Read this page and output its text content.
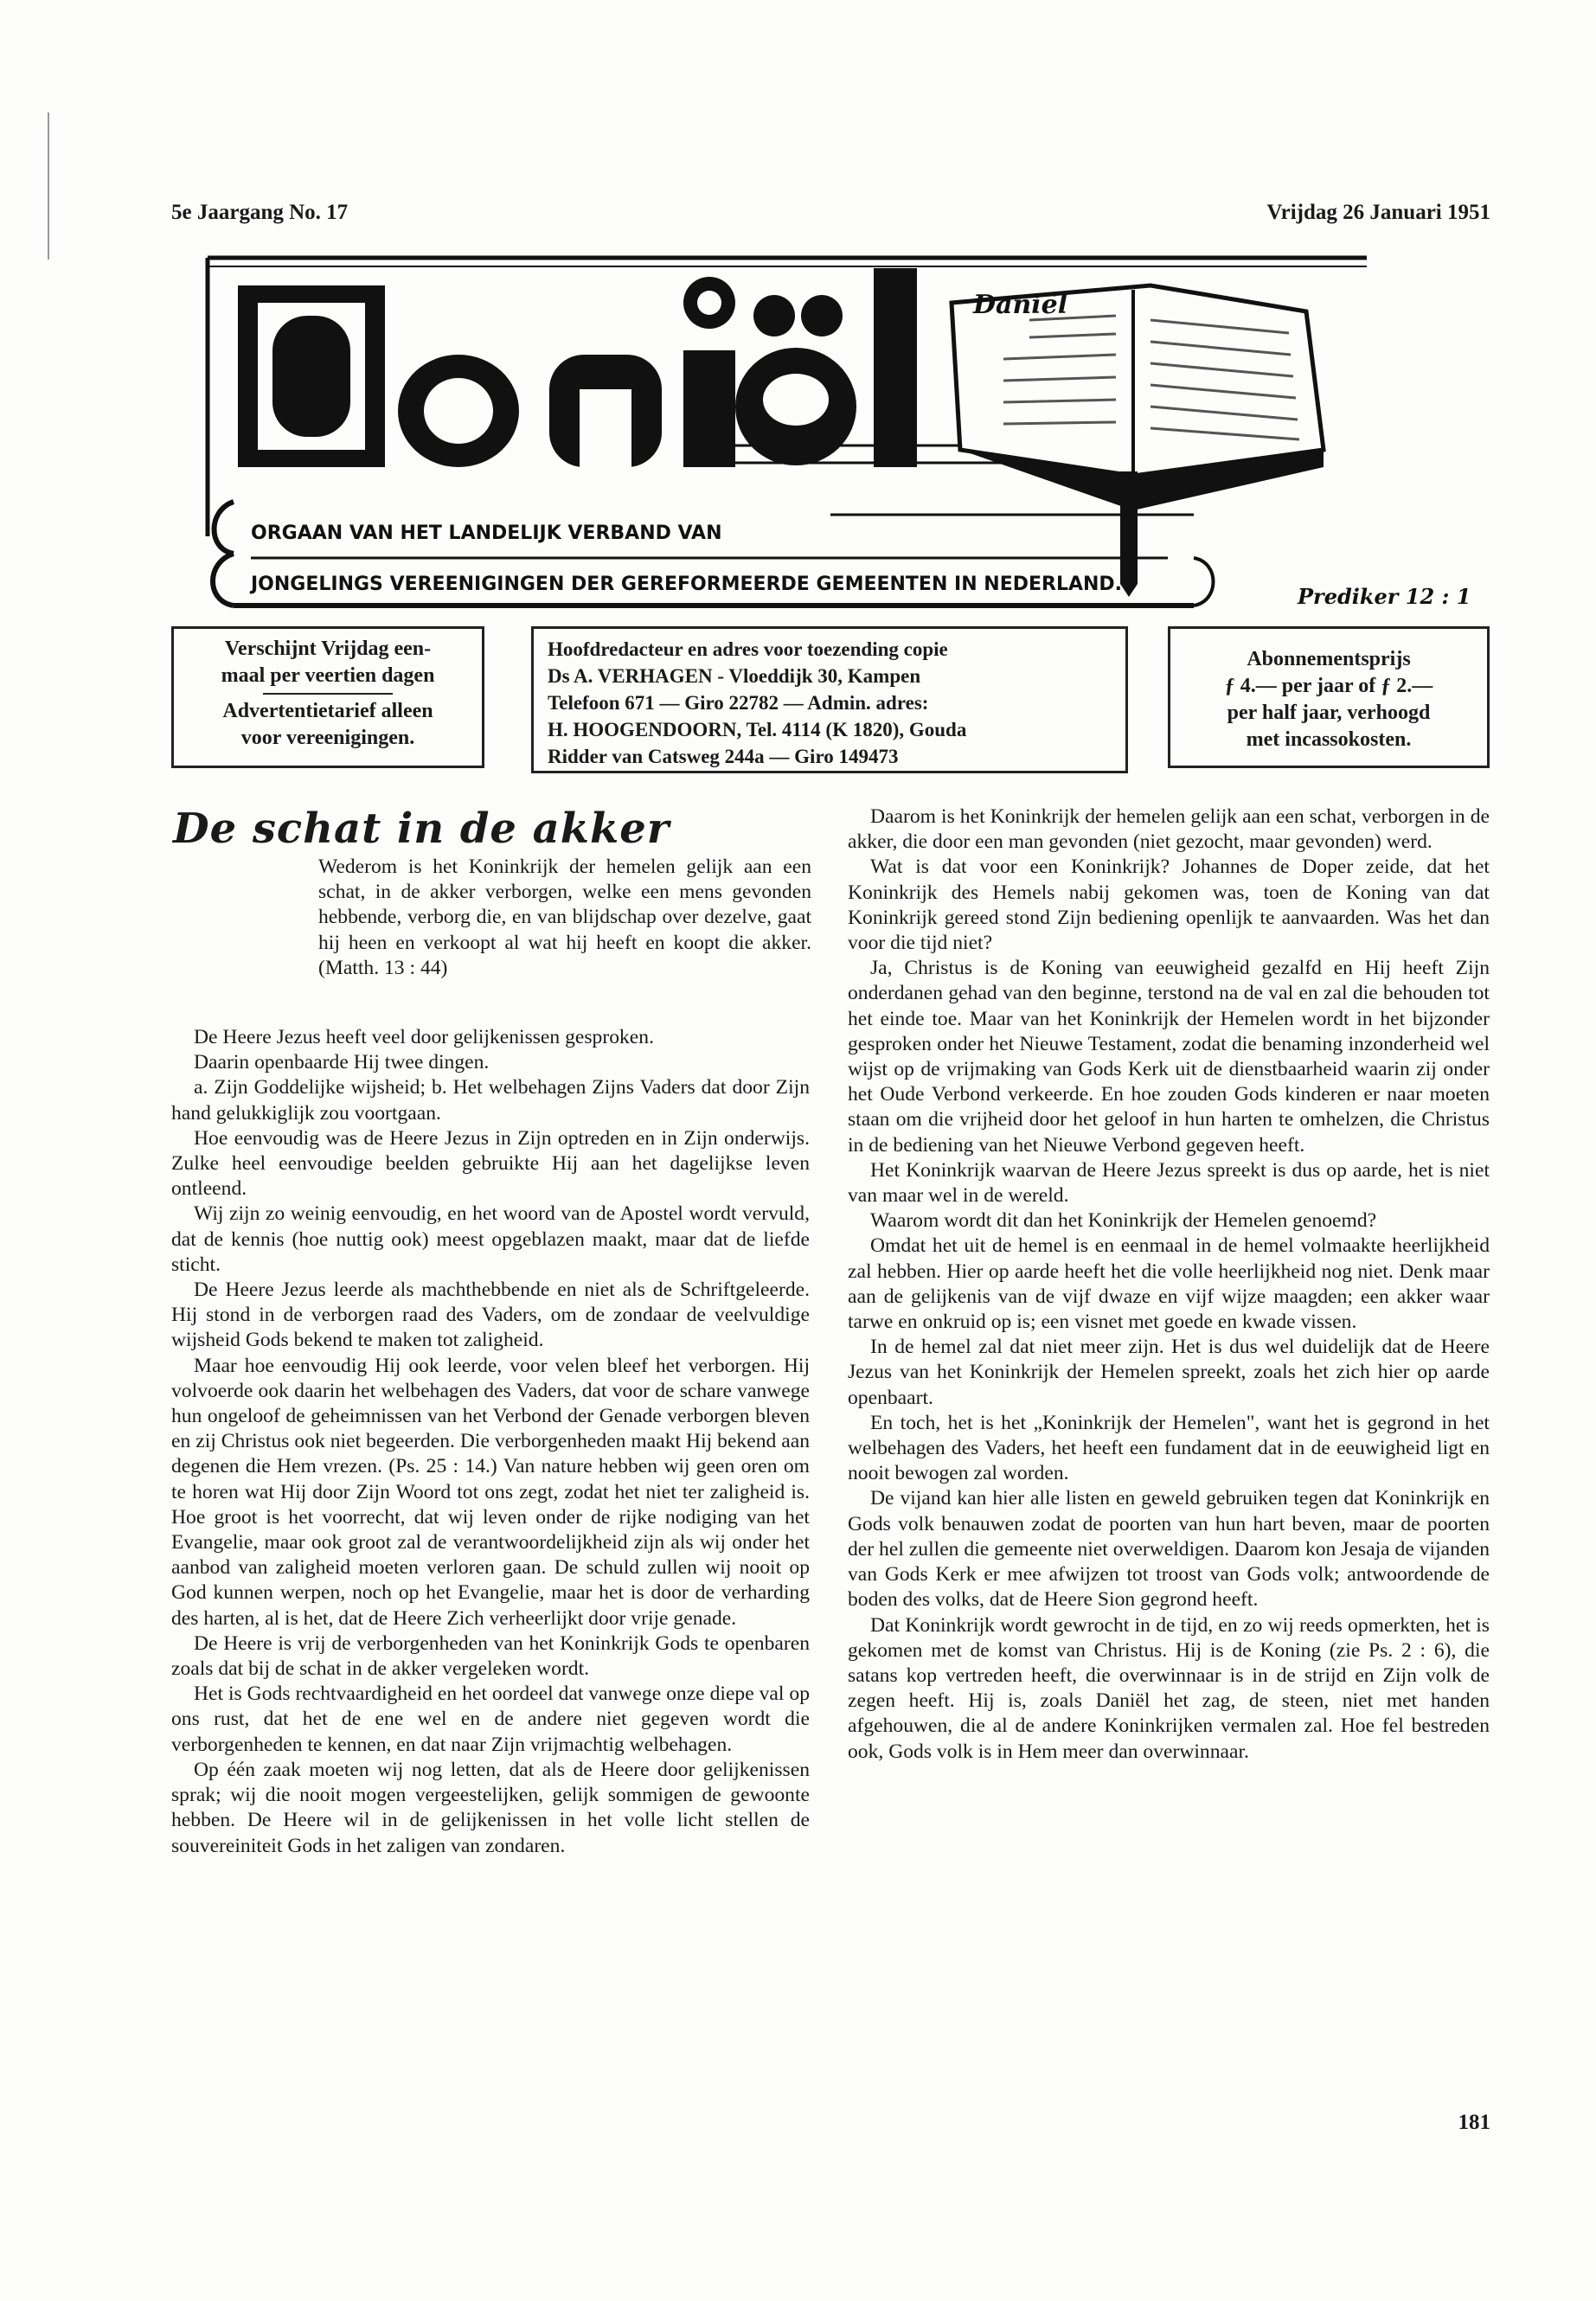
5e Jaargang No. 17	Vrijdag 26 Januari 1951
Daniël
ORGAAN VAN HET LANDELIJK VERBAND VAN
JONGELINGS VEREENIGINGEN DER GEREFORMEERDE GEMEENTEN IN NEDERLAND.	Prediker 12 : 1
Verschijnt Vrijdag een-
maal per veertien dagen
Advertentietarief alleen
voor vereenigingen.
Hoofdredacteur en adres voor toezending copie
Ds A. VERHAGEN - Vloeddijk 30, Kampen
Telefoon 671 — Giro 22782 — Admin. adres:
H. HOOGENDOORN, Tel. 4114 (K 1820), Gouda
Ridder van Catsweg 244a — Giro 149473
Abonnementsprijs
ƒ 4.— per jaar of ƒ 2.—
per half jaar, verhoogd
met incassokosten.
De schat in de akker
Wederom is het Koninkrijk der hemelen gelijk aan een schat, in de akker verborgen, welke een mens gevonden hebbende, verborg die, en van blijdschap over dezelve, gaat hij heen en verkoopt al wat hij heeft en koopt die akker. (Matth. 13 : 44)

De Heere Jezus heeft veel door gelijkenissen gesproken.

Daarin openbaarde Hij twee dingen.

a. Zijn Goddelijke wijsheid; b. Het welbehagen Zijns Vaders dat door Zijn hand gelukkiglijk zou voortgaan.

Hoe eenvoudig was de Heere Jezus in Zijn optreden en in Zijn onderwijs. Zulke heel eenvoudige beelden gebruikte Hij aan het dagelijkse leven ontleend.

Wij zijn zo weinig eenvoudig, en het woord van de Apostel wordt vervuld, dat de kennis (hoe nuttig ook) meest opgeblazen maakt, maar dat de liefde sticht.

De Heere Jezus leerde als machthebbende en niet als de Schriftgeleerde. Hij stond in de verborgen raad des Vaders, om de zondaar de veelvuldige wijsheid Gods bekend te maken tot zaligheid.

Maar hoe eenvoudig Hij ook leerde, voor velen bleef het verborgen. Hij volvoerde ook daarin het welbehagen des Vaders, dat voor de schare vanwege hun ongeloof de geheimnissen van het Verbond der Genade verborgen bleven en zij Christus ook niet begeerden. Die verborgenheden maakt Hij bekend aan degenen die Hem vrezen. (Ps. 25 : 14.) Van nature hebben wij geen oren om te horen wat Hij door Zijn Woord tot ons zegt, zodat het niet ter zaligheid is. Hoe groot is het voorrecht, dat wij leven onder de rijke nodiging van het Evangelie, maar ook groot zal de verantwoordelijkheid zijn als wij onder het aanbod van zaligheid moeten verloren gaan. De schuld zullen wij nooit op God kunnen werpen, noch op het Evangelie, maar het is door de verharding des harten, al is het, dat de Heere Zich verheerlijkt door vrije genade.

De Heere is vrij de verborgenheden van het Koninkrijk Gods te openbaren zoals dat bij de schat in de akker vergeleken wordt.

Het is Gods rechtvaardigheid en het oordeel dat vanwege onze diepe val op ons rust, dat het de ene wel en de andere niet gegeven wordt die verborgenheden te kennen, en dat naar Zijn vrijmachtig welbehagen.

Op één zaak moeten wij nog letten, dat als de Heere door gelijkenissen sprak; wij die nooit mogen vergeestelijken, gelijk sommigen de gewoonte hebben. De Heere wil in de gelijkenissen in het volle licht stellen de souvereiniteit Gods in het zaligen van zondaren.

Daarom is het Koninkrijk der hemelen gelijk aan een schat, verborgen in de akker, die door een man gevonden (niet gezocht, maar gevonden) werd.

Wat is dat voor een Koninkrijk? Johannes de Doper zeide, dat het Koninkrijk des Hemels nabij gekomen was, toen de Koning van dat Koninkrijk gereed stond Zijn bediening openlijk te aanvaarden. Was het dan voor die tijd niet?

Ja, Christus is de Koning van eeuwigheid gezalfd en Hij heeft Zijn onderdanen gehad van den beginne, terstond na de val en zal die behouden tot het einde toe. Maar van het Koninkrijk der Hemelen wordt in het bijzonder gesproken onder het Nieuwe Testament, zodat die benaming inzonderheid wel wijst op de vrijmaking van Gods Kerk uit de dienstbaarheid waarin zij onder het Oude Verbond verkeerde. En hoe zouden Gods kinderen er naar moeten staan om die vrijheid door het geloof in hun harten te omhelzen, die Christus in de bediening van het Nieuwe Verbond gegeven heeft.

Het Koninkrijk waarvan de Heere Jezus spreekt is dus op aarde, het is niet van maar wel in de wereld.

Waarom wordt dit dan het Koninkrijk der Hemelen genoemd?

Omdat het uit de hemel is en eenmaal in de hemel volmaakte heerlijkheid zal hebben. Hier op aarde heeft het die volle heerlijkheid nog niet. Denk maar aan de gelijkenis van de vijf dwaze en vijf wijze maagden; een akker waar tarwe en onkruid op is; een visnet met goede en kwade vissen.

In de hemel zal dat niet meer zijn. Het is dus wel duidelijk dat de Heere Jezus van het Koninkrijk der Hemelen spreekt, zoals het zich hier op aarde openbaart.

En toch, het is het „Koninkrijk der Hemelen", want het is gegrond in het welbehagen des Vaders, het heeft een fundament dat in de eeuwigheid ligt en nooit bewogen zal worden.

De vijand kan hier alle listen en geweld gebruiken tegen dat Koninkrijk en Gods volk benauwen zodat de poorten van hun hart beven, maar de poorten der hel zullen die gemeente niet overweldigen. Daarom kon Jesaja de vijanden van Gods Kerk er mee afwijzen tot troost van Gods volk; antwoordende de boden des volks, dat de Heere Sion gegrond heeft.

Dat Koninkrijk wordt gewrocht in de tijd, en zo wij reeds opmerkten, het is gekomen met de komst van Christus. Hij is de Koning (zie Ps. 2 : 6), die satans kop vertreden heeft, die overwinnaar is in de strijd en Zijn volk de zegen heeft. Hij is, zoals Daniël het zag, de steen, niet met handen afgehouwen, die al de andere Koninkrijken vermalen zal. Hoe fel bestreden ook, Gods volk is in Hem meer dan overwinnaar.

181
